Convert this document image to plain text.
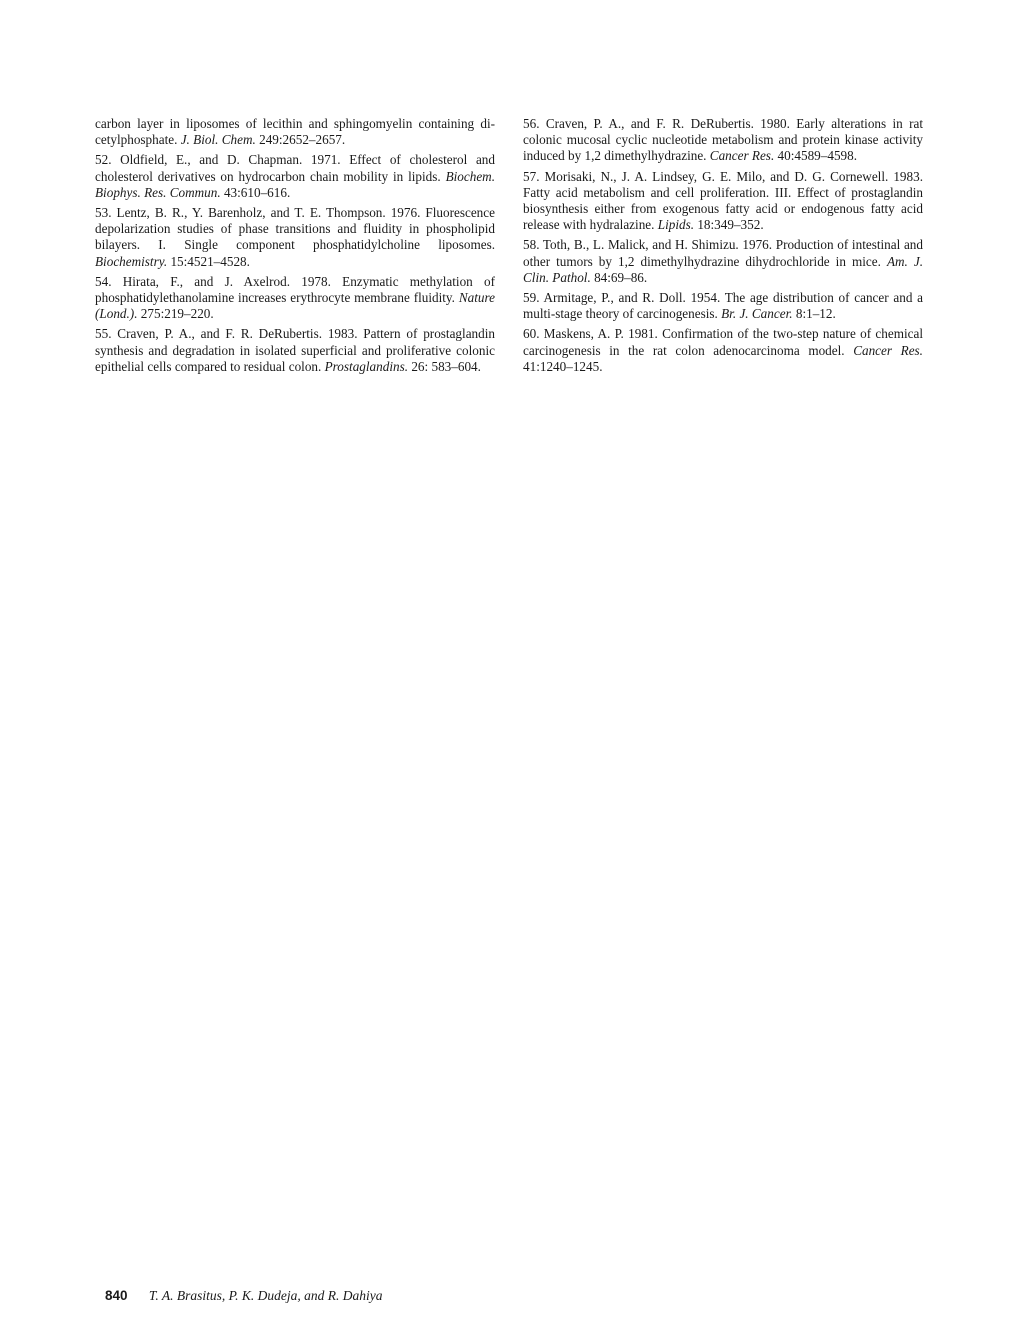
carbon layer in liposomes of lecithin and sphingomyelin containing di-cetylphosphate. J. Biol. Chem. 249:2652–2657.

52. Oldfield, E., and D. Chapman. 1971. Effect of cholesterol and cholesterol derivatives on hydrocarbon chain mobility in lipids. Biochem. Biophys. Res. Commun. 43:610–616.

53. Lentz, B. R., Y. Barenholz, and T. E. Thompson. 1976. Fluorescence depolarization studies of phase transitions and fluidity in phospholipid bilayers. I. Single component phosphatidylcholine liposomes. Biochemistry. 15:4521–4528.

54. Hirata, F., and J. Axelrod. 1978. Enzymatic methylation of phosphatidylethanolamine increases erythrocyte membrane fluidity. Nature (Lond.). 275:219–220.

55. Craven, P. A., and F. R. DeRubertis. 1983. Pattern of prostaglandin synthesis and degradation in isolated superficial and proliferative colonic epithelial cells compared to residual colon. Prostaglandins. 26: 583–604.

56. Craven, P. A., and F. R. DeRubertis. 1980. Early alterations in rat colonic mucosal cyclic nucleotide metabolism and protein kinase activity induced by 1,2 dimethylhydrazine. Cancer Res. 40:4589–4598.

57. Morisaki, N., J. A. Lindsey, G. E. Milo, and D. G. Cornewell. 1983. Fatty acid metabolism and cell proliferation. III. Effect of prostaglandin biosynthesis either from exogenous fatty acid or endogenous fatty acid release with hydralazine. Lipids. 18:349–352.

58. Toth, B., L. Malick, and H. Shimizu. 1976. Production of intestinal and other tumors by 1,2 dimethylhydrazine dihydrochloride in mice. Am. J. Clin. Pathol. 84:69–86.

59. Armitage, P., and R. Doll. 1954. The age distribution of cancer and a multi-stage theory of carcinogenesis. Br. J. Cancer. 8:1–12.

60. Maskens, A. P. 1981. Confirmation of the two-step nature of chemical carcinogenesis in the rat colon adenocarcinoma model. Cancer Res. 41:1240–1245.

840 T. A. Brasitus, P. K. Dudeja, and R. Dahiya
